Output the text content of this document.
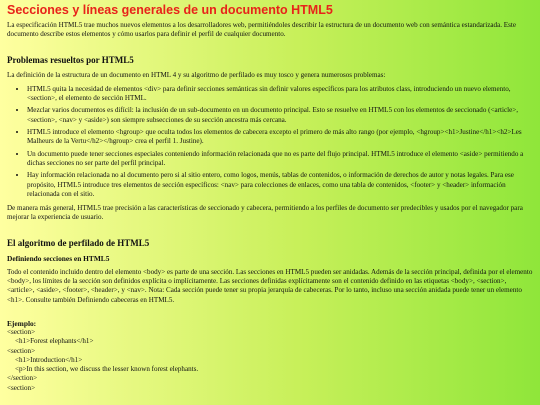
Secciones y líneas generales de un documento HTML5

La especificación HTML5 trae muchos nuevos elementos a los desarrolladores web, permitiéndoles describir la estructura de un documento web con semántica estandarizada. Este documento describe estos elementos y cómo usarlos para definir el perfil de cualquier documento.

Problemas resueltos por HTML5

La definición de la estructura de un documento en HTML 4 y su algoritmo de perfilado es muy tosco y genera numerosos problemas:

• HTML5 quita la necesidad de elementos <div> para definir secciones semánticas sin definir valores específicos para los atributos class, introduciendo un nuevo elemento, <section>, el elemento de sección HTML.
• Mezclar varios documentos es difícil: la inclusión de un sub-documento en un documento principal. Esto se resuelve en HTML5 con los elementos de seccionado (<article>, <section>, <nav> y <aside>) son siempre subsecciones de su sección ancestra más cercana.
• HTML5 introduce el elemento <hgroup> que oculta todos los elementos de cabecera excepto el primero de más alto rango (por ejemplo, <hgroup><h1>Justine</h1><h2>Les Malheurs de la Vertu</h2></hgroup> crea el perfil 1. Justine).
• Un documento puede tener secciones especiales conteniendo información relacionada que no es parte del flujo principal. HTML5 introduce el elemento <aside> permitiendo a dichas secciones no ser parte del perfil principal.
• Hay información relacionada no al documento pero si al sitio entero, como logos, menús, tablas de contenidos, o información de derechos de autor y notas legales. Para ese propósito, HTML5 introduce tres elementos de sección específicos: <nav> para colecciones de enlaces, como una tabla de contenidos, <footer> y <header> información relacionada con el sitio.

De manera más general, HTML5 trae precisión a las características de seccionado y cabecera, permitiendo a los perfiles de documento ser predecibles y usados por el navegador para mejorar la experiencia de usuario.

El algoritmo de perfilado de HTML5
Definiendo secciones en HTML5

Todo el contenido incluido dentro del elemento <body> es parte de una sección. Las secciones en HTML5 pueden ser anidadas. Además de la sección principal, definida por el elemento <body>, los límites de la sección son definidos explícita o implícitamente. Las secciones definidas explícitamente son el contenido definido en las etiquetas <body>, <section>, <article>, <aside>, <footer>, <header>, y <nav>. Nota: Cada sección puede tener su propia jerarquía de cabeceras. Por lo tanto, incluso una sección anidada puede tener un elemento <h1>. Consulte también Definiendo cabeceras en HTML5.

Ejemplo:
<section>
<h1>Forest elephants</h1>
<section>
<h1>Introduction</h1>
<p>In this section, we discuss the lesser known forest elephants.
</section>
<section>
